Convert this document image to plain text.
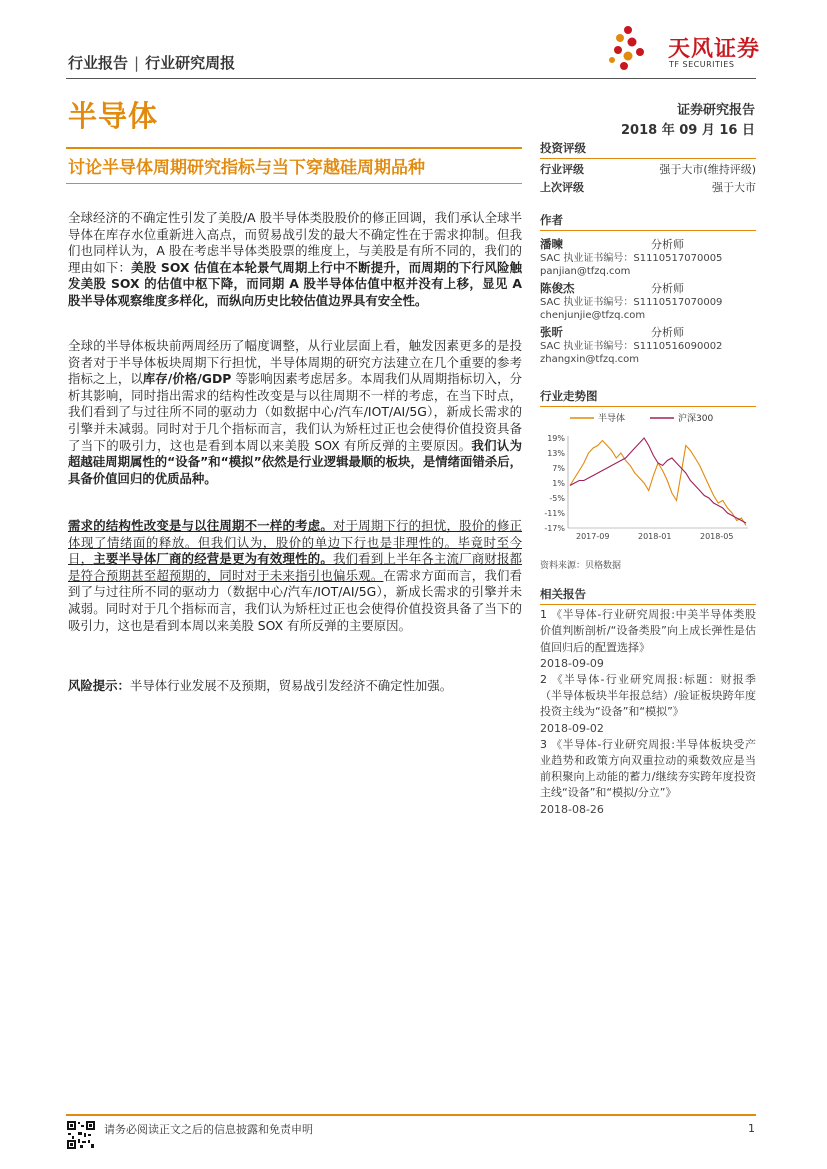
行业报告 | 行业研究周报
天风证券
TF SECURITIES
半导体	证券研究报告
2018 年 09 月 16 日
讨论半导体周期研究指标与当下穿越硅周期品种
全球经济的不确定性引发了美股/A 股半导体类股股价的修正回调，我们承认全球半导体在库存水位重新进入高点，而贸易战引发的最大不确定性在于需求抑制。但我们也同样认为，A 股在考虑半导体类股票的维度上，与美股是有所不同的，我们的理由如下：美股 SOX 估值在本轮景气周期上行中不断提升，而周期的下行风险触发美股 SOX 的估值中枢下降，而同期 A 股半导体估值中枢并没有上移，显见 A 股半导体观察维度多样化，而纵向历史比较估值边界具有安全性。
全球的半导体板块前两周经历了幅度调整，从行业层面上看，触发因素更多的是投资者对于半导体板块周期下行担忧，半导体周期的研究方法建立在几个重要的参考指标之上，以库存/价格/GDP 等影响因素考虑居多。本周我们从周期指标切入，分析其影响，同时指出需求的结构性改变是与以往周期不一样的考虑，在当下时点，我们看到了与过往所不同的驱动力（如数据中心/汽车/IOT/AI/5G），新成长需求的引擎并未减弱。同时对于几个指标而言，我们认为矫枉过正也会使得价值投资具备了当下的吸引力，这也是看到本周以来美股 SOX 有所反弹的主要原因。我们认为超越硅周期属性的“设备”和“模拟”依然是行业逻辑最顺的板块，是情绪面错杀后，具备价值回归的优质品种。
需求的结构性改变是与以往周期不一样的考虑。对于周期下行的担忧，股价的修正体现了情绪面的释放。但我们认为，股价的单边下行也是非理性的。毕竟时至今日，主要半导体厂商的经营是更为有效理性的。我们看到上半年各主流厂商财报都是符合预期甚至超预期的，同时对于未来指引也偏乐观。在需求方面而言，我们看到了与过往所不同的驱动力（数据中心/汽车/IOT/AI/5G），新成长需求的引擎并未减弱。同时对于几个指标而言，我们认为矫枉过正也会使得价值投资具备了当下的吸引力，这也是看到本周以来美股 SOX 有所反弹的主要原因。
风险提示：半导体行业发展不及预期，贸易战引发经济不确定性加强。
投资评级
行业评级	强于大市(维持评级)
上次评级	强于大市
作者
潘暕	分析师
SAC 执业证书编号：S1110517070005
panjian@tfzq.com
陈俊杰	分析师
SAC 执业证书编号：S1110517070009
chenjunjie@tfzq.com
张昕	分析师
SAC 执业证书编号：S1110516090002
zhangxin@tfzq.com
行业走势图
半导体	沪深300
19%
13%
7%
1%
-5%
-11%
-17%
2017-09	2018-01	2018-05
资料来源：贝格数据
相关报告
1 《半导体-行业研究周报:中美半导体类股价值判断剖析/“设备类股”向上成长弹性是估值回归后的配置选择》
2018-09-09
2 《半导体-行业研究周报:标题：财报季（半导体板块半年报总结）/验证板块跨年度投资主线为“设备”和“模拟”》
2018-09-02
3 《半导体-行业研究周报:半导体板块受产业趋势和政策方向双重拉动的乘数效应是当前积聚向上动能的蓄力/继续夯实跨年度投资主线“设备”和“模拟/分立”》
2018-08-26
请务必阅读正文之后的信息披露和免责申明	1
